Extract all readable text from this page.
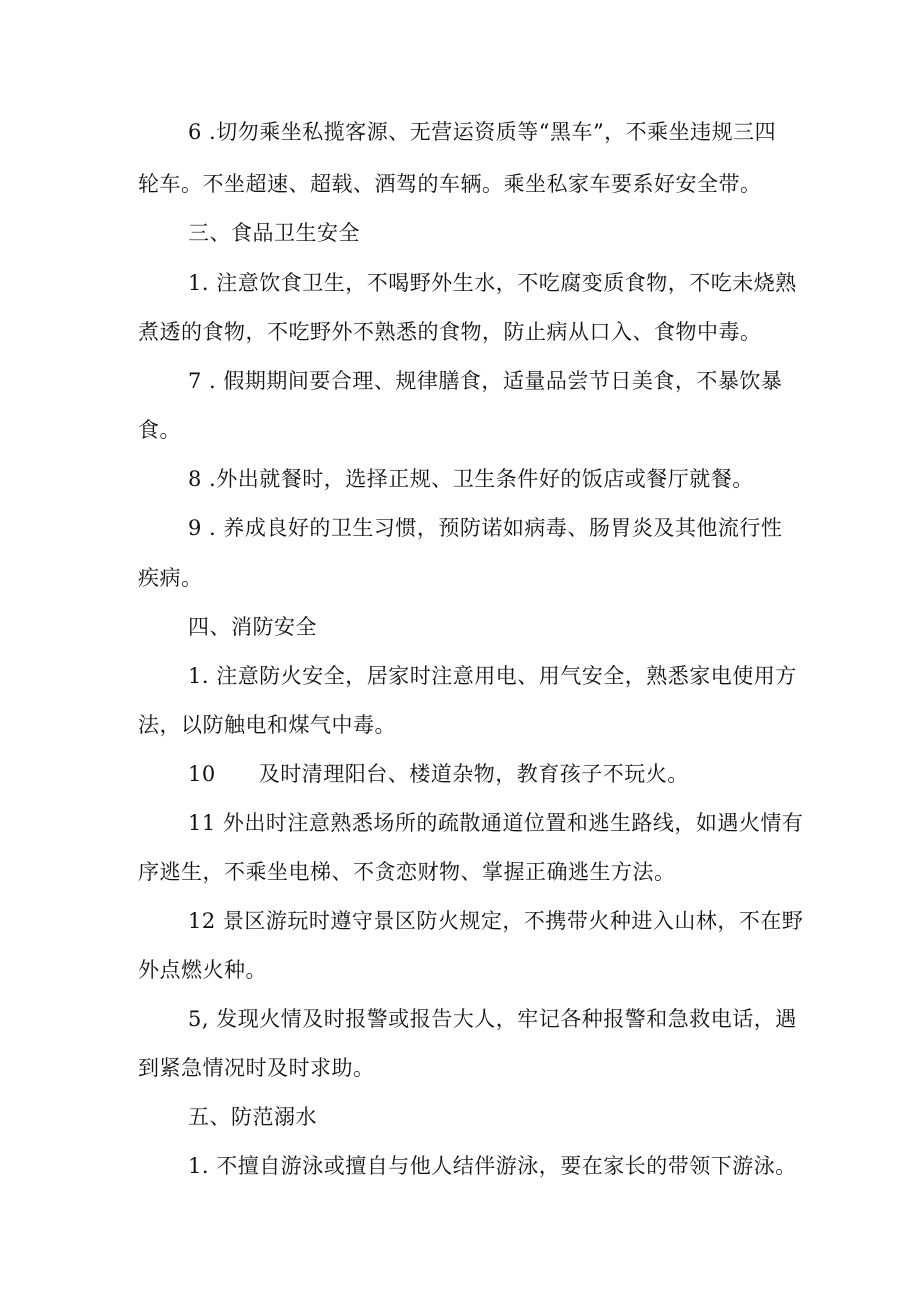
6 .切勿乘坐私揽客源、无营运资质等“黑车”，不乘坐违规三四
轮车。不坐超速、超载、酒驾的车辆。乘坐私家车要系好安全带。
三、食品卫生安全
1. 注意饮食卫生，不喝野外生水，不吃腐变质食物，不吃未烧熟
煮透的食物，不吃野外不熟悉的食物，防止病从口入、食物中毒。
7 . 假期期间要合理、规律膳食，适量品尝节日美食，不暴饮暴
食。
8 .外出就餐时，选择正规、卫生条件好的饭店或餐厅就餐。
9 . 养成良好的卫生习惯，预防诺如病毒、肠胃炎及其他流行性
疾病。
四、消防安全
1. 注意防火安全，居家时注意用电、用气安全，熟悉家电使用方
法，以防触电和煤气中毒。
10      及时清理阳台、楼道杂物，教育孩子不玩火。
11 外出时注意熟悉场所的疏散通道位置和逃生路线，如遇火情有
序逃生，不乘坐电梯、不贪恋财物、掌握正确逃生方法。
12 景区游玩时遵守景区防火规定，不携带火种进入山林，不在野
外点燃火种。
5, 发现火情及时报警或报告大人，牢记各种报警和急救电话，遇
到紧急情况时及时求助。
五、防范溺水
1. 不擅自游泳或擅自与他人结伴游泳，要在家长的带领下游泳。
